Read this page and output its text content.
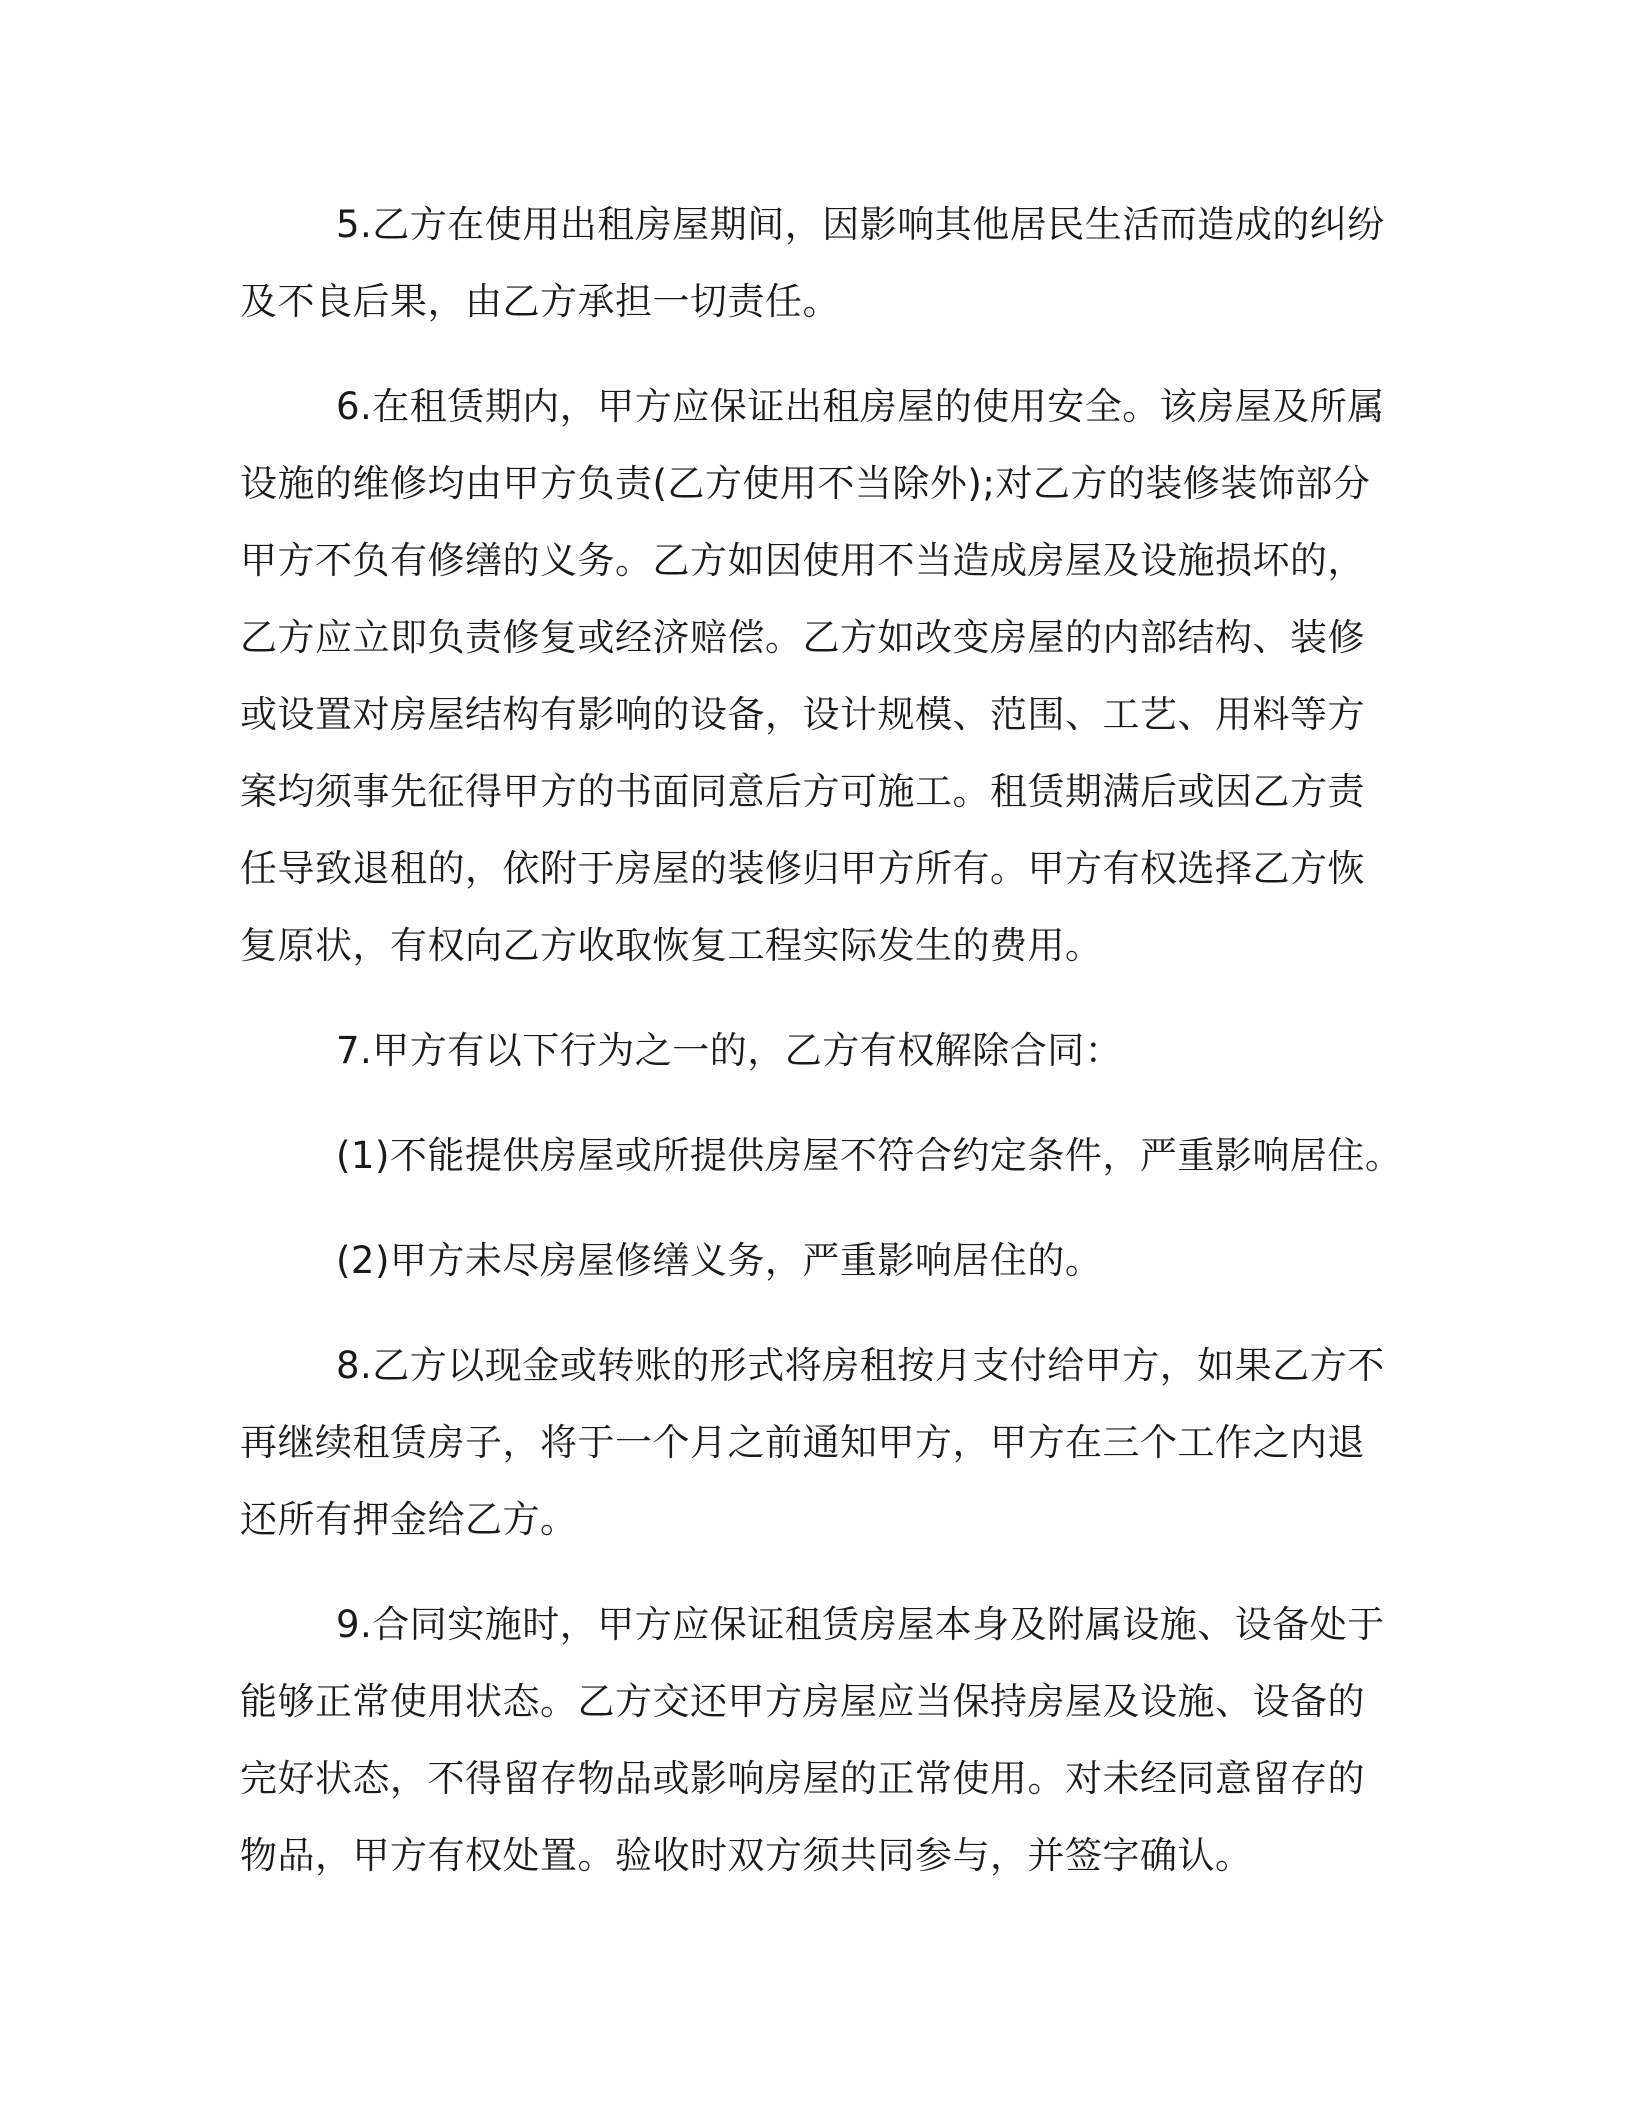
5.乙方在使用出租房屋期间，因影响其他居民生活而造成的纠纷
及不良后果，由乙方承担一切责任。

6.在租赁期内，甲方应保证出租房屋的使用安全。该房屋及所属
设施的维修均由甲方负责(乙方使用不当除外);对乙方的装修装饰部分
甲方不负有修缮的义务。乙方如因使用不当造成房屋及设施损坏的，
乙方应立即负责修复或经济赔偿。乙方如改变房屋的内部结构、装修
或设置对房屋结构有影响的设备，设计规模、范围、工艺、用料等方
案均须事先征得甲方的书面同意后方可施工。租赁期满后或因乙方责
任导致退租的，依附于房屋的装修归甲方所有。甲方有权选择乙方恢
复原状，有权向乙方收取恢复工程实际发生的费用。

7.甲方有以下行为之一的，乙方有权解除合同：

(1)不能提供房屋或所提供房屋不符合约定条件，严重影响居住。

(2)甲方未尽房屋修缮义务，严重影响居住的。

8.乙方以现金或转账的形式将房租按月支付给甲方，如果乙方不
再继续租赁房子，将于一个月之前通知甲方，甲方在三个工作之内退
还所有押金给乙方。

9.合同实施时，甲方应保证租赁房屋本身及附属设施、设备处于
能够正常使用状态。乙方交还甲方房屋应当保持房屋及设施、设备的
完好状态，不得留存物品或影响房屋的正常使用。对未经同意留存的
物品，甲方有权处置。验收时双方须共同参与，并签字确认。
